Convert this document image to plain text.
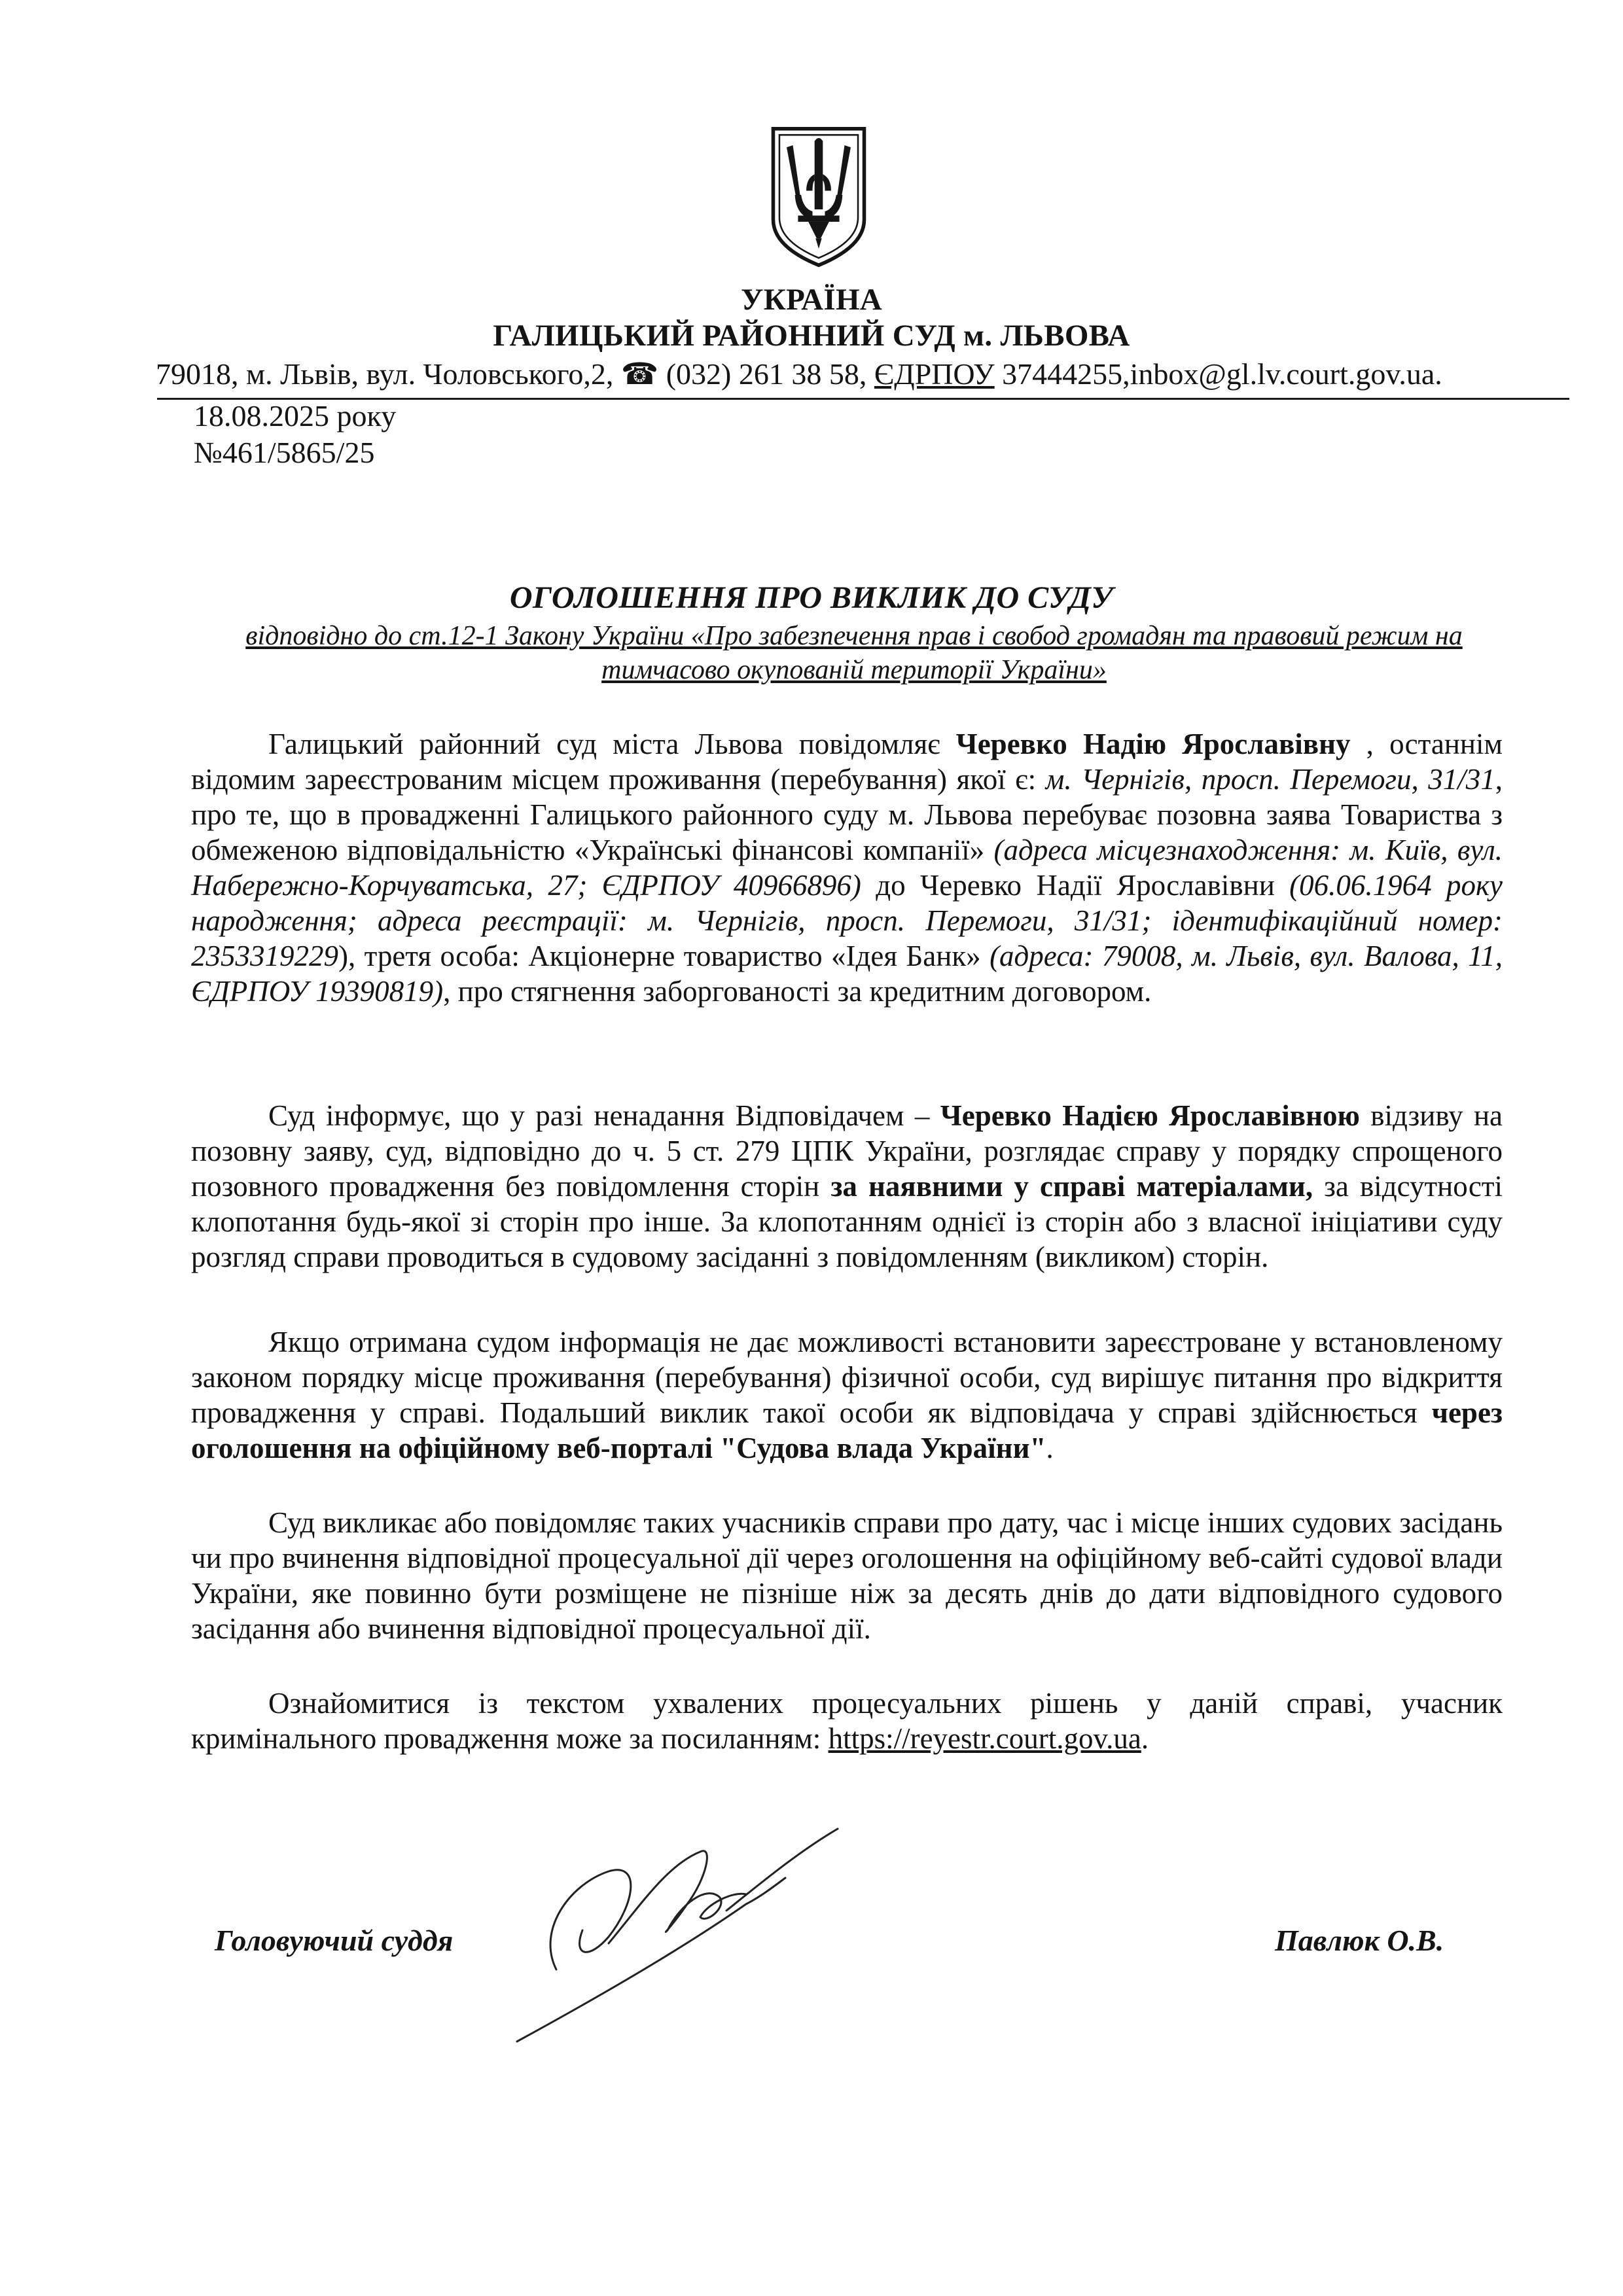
УКРАЇНА
ГАЛИЦЬКИЙ РАЙОННИЙ СУД м. ЛЬВОВА
79018, м. Львів, вул. Чоловського,2, ☎ (032) 261 38 58, ЄДРПОУ 37444255,inbox@gl.lv.court.gov.ua.
18.08.2025 року
№461/5865/25
ОГОЛОШЕННЯ ПРО ВИКЛИК ДО СУДУ
відповідно до ст.12-1 Закону України «Про забезпечення прав і свобод громадян та правовий режим на тимчасово окупованій території України»
Галицький районний суд міста Львова повідомляє Черевко Надію Ярославівну , останнім відомим зареєстрованим місцем проживання (перебування) якої є: м. Чернігів, просп. Перемоги, 31/31, про те, що в провадженні Галицького районного суду м. Львова перебуває позовна заява Товариства з обмеженою відповідальністю «Українські фінансові компанії» (адреса місцезнаходження: м. Київ, вул. Набережно-Корчуватська, 27; ЄДРПОУ 40966896) до Черевко Надії Ярославівни (06.06.1964 року народження; адреса реєстрації: м. Чернігів, просп. Перемоги, 31/31; ідентифікаційний номер: 2353319229), третя особа: Акціонерне товариство «Ідея Банк» (адреса: 79008, м. Львів, вул. Валова, 11, ЄДРПОУ 19390819), про стягнення заборгованості за кредитним договором.
Суд інформує, що у разі ненадання Відповідачем – Черевко Надією Ярославівною відзиву на позовну заяву, суд, відповідно до ч. 5 ст. 279 ЦПК України, розглядає справу у порядку спрощеного позовного провадження без повідомлення сторін за наявними у справі матеріалами, за відсутності клопотання будь-якої зі сторін про інше. За клопотанням однієї із сторін або з власної ініціативи суду розгляд справи проводиться в судовому засіданні з повідомленням (викликом) сторін.
Якщо отримана судом інформація не дає можливості встановити зареєстроване у встановленому законом порядку місце проживання (перебування) фізичної особи, суд вирішує питання про відкриття провадження у справі. Подальший виклик такої особи як відповідача у справі здійснюється через оголошення на офіційному веб-порталі "Судова влада України".
Суд викликає або повідомляє таких учасників справи про дату, час і місце інших судових засідань чи про вчинення відповідної процесуальної дії через оголошення на офіційному веб-сайті судової влади України, яке повинно бути розміщене не пізніше ніж за десять днів до дати відповідного судового засідання або вчинення відповідної процесуальної дії.
Ознайомитися із текстом ухвалених процесуальних рішень у даній справі, учасник кримінального провадження може за посиланням: https://reyestr.court.gov.ua.
Головуючий суддя	Павлюк О.В.
